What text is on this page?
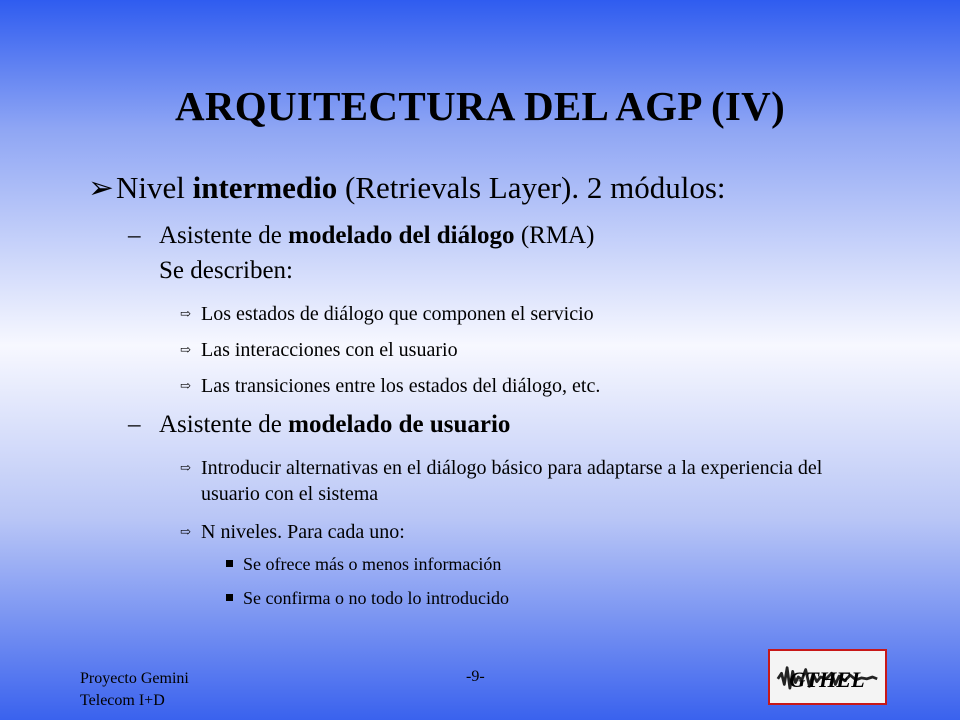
ARQUITECTURA DEL AGP (IV)
➢Nivel intermedio (Retrievals Layer). 2 módulos:
– Asistente de modelado del diálogo (RMA)
Se describen:
⇨ Los estados de diálogo que componen el servicio
⇨ Las interacciones con el usuario
⇨ Las transiciones entre los estados del diálogo, etc.
– Asistente de modelado de usuario
⇨ Introducir alternativas en el diálogo básico para adaptarse a la experiencia del usuario con el sistema
⇨ N niveles. Para cada uno:
Se ofrece más o menos información
Se confirma o no todo lo introducido
Proyecto Gemini
Telecom I+D
-9-	GTHEL
